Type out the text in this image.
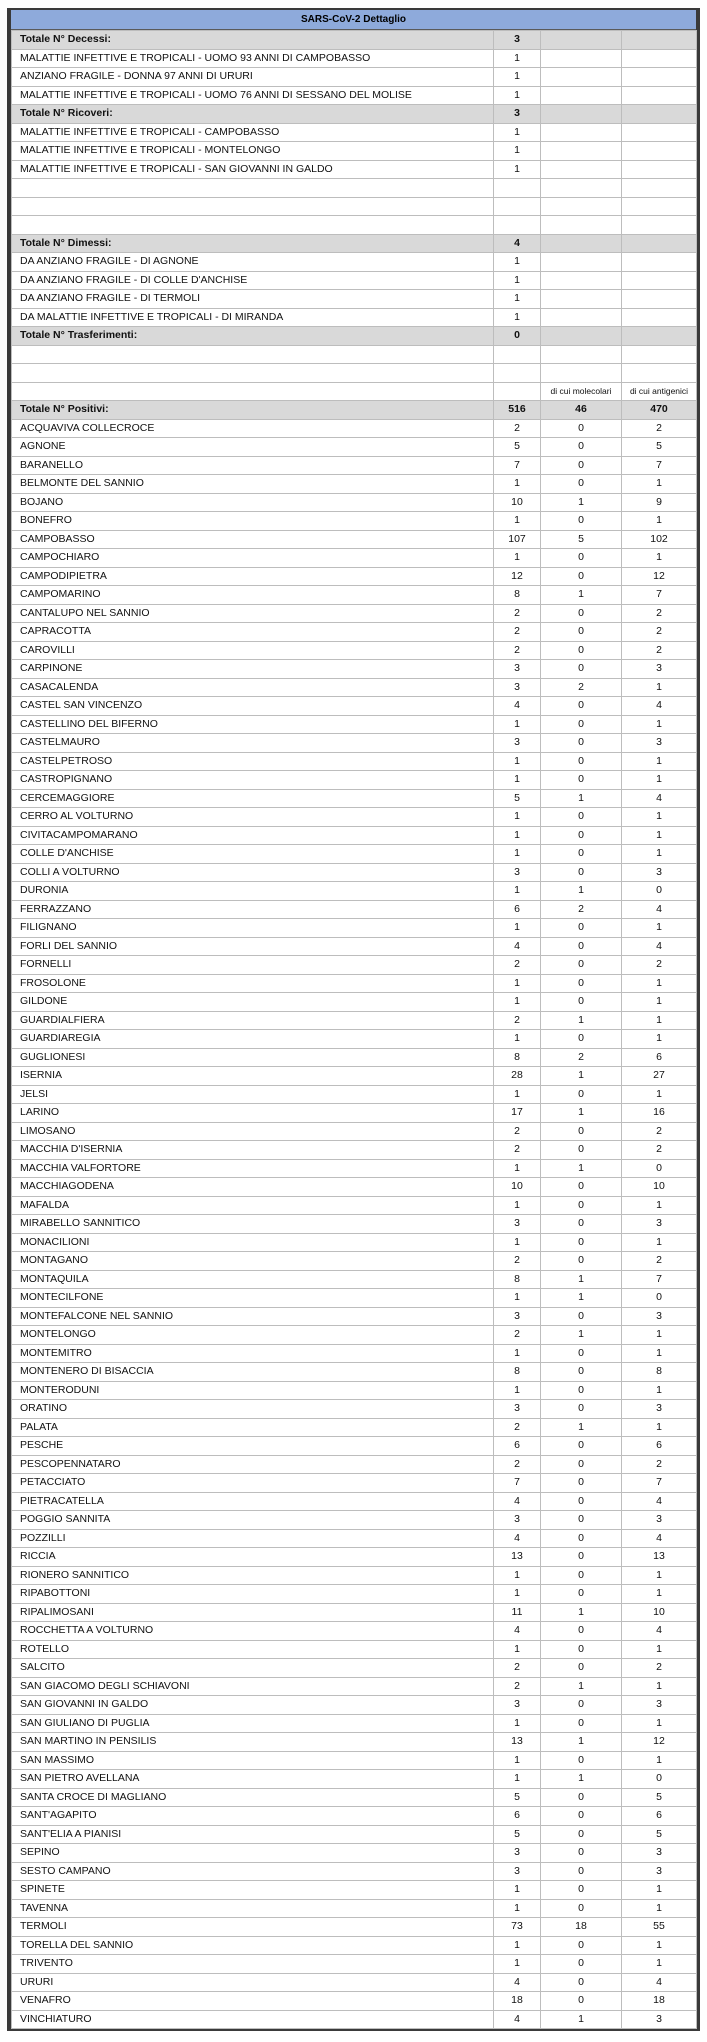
SARS-CoV-2 Dettaglio
Totale N° Decessi:	3		
MALATTIE INFETTIVE E TROPICALI - UOMO 93 ANNI DI CAMPOBASSO	1		
ANZIANO FRAGILE - DONNA 97 ANNI DI URURI	1		
MALATTIE INFETTIVE E TROPICALI - UOMO 76 ANNI DI SESSANO DEL MOLISE	1		
Totale N° Ricoveri:	3		
MALATTIE INFETTIVE E TROPICALI - CAMPOBASSO	1		
MALATTIE INFETTIVE E TROPICALI - MONTELONGO	1		
MALATTIE INFETTIVE E TROPICALI - SAN GIOVANNI IN GALDO	1		

Totale N° Dimessi:	4		
DA ANZIANO FRAGILE - DI AGNONE	1		
DA ANZIANO FRAGILE - DI COLLE D'ANCHISE	1		
DA ANZIANO FRAGILE - DI TERMOLI	1		
DA MALATTIE INFETTIVE E TROPICALI - DI MIRANDA	1		
Totale N° Trasferimenti:	0		

		di cui molecolari	di cui antigenici
Totale N° Positivi:	516	46	470
ACQUAVIVA COLLECROCE	2	0	2
AGNONE	5	0	5
BARANELLO	7	0	7
BELMONTE DEL SANNIO	1	0	1
BOJANO	10	1	9
BONEFRO	1	0	1
CAMPOBASSO	107	5	102
CAMPOCHIARO	1	0	1
CAMPODIPIETRA	12	0	12
CAMPOMARINO	8	1	7
CANTALUPO NEL SANNIO	2	0	2
CAPRACOTTA	2	0	2
CAROVILLI	2	0	2
CARPINONE	3	0	3
CASACALENDA	3	2	1
CASTEL SAN VINCENZO	4	0	4
CASTELLINO DEL BIFERNO	1	0	1
CASTELMAURO	3	0	3
CASTELPETROSO	1	0	1
CASTROPIGNANO	1	0	1
CERCEMAGGIORE	5	1	4
CERRO AL VOLTURNO	1	0	1
CIVITACAMPOMARANO	1	0	1
COLLE D'ANCHISE	1	0	1
COLLI A VOLTURNO	3	0	3
DURONIA	1	1	0
FERRAZZANO	6	2	4
FILIGNANO	1	0	1
FORLI DEL SANNIO	4	0	4
FORNELLI	2	0	2
FROSOLONE	1	0	1
GILDONE	1	0	1
GUARDIALFIERA	2	1	1
GUARDIAREGIA	1	0	1
GUGLIONESI	8	2	6
ISERNIA	28	1	27
JELSI	1	0	1
LARINO	17	1	16
LIMOSANO	2	0	2
MACCHIA D'ISERNIA	2	0	2
MACCHIA VALFORTORE	1	1	0
MACCHIAGODENA	10	0	10
MAFALDA	1	0	1
MIRABELLO SANNITICO	3	0	3
MONACILIONI	1	0	1
MONTAGANO	2	0	2
MONTAQUILA	8	1	7
MONTECILFONE	1	1	0
MONTEFALCONE NEL SANNIO	3	0	3
MONTELONGO	2	1	1
MONTEMITRO	1	0	1
MONTENERO DI BISACCIA	8	0	8
MONTERODUNI	1	0	1
ORATINO	3	0	3
PALATA	2	1	1
PESCHE	6	0	6
PESCOPENNATARO	2	0	2
PETACCIATO	7	0	7
PIETRACATELLA	4	0	4
POGGIO SANNITA	3	0	3
POZZILLI	4	0	4
RICCIA	13	0	13
RIONERO SANNITICO	1	0	1
RIPABOTTONI	1	0	1
RIPALIMOSANI	11	1	10
ROCCHETTA A VOLTURNO	4	0	4
ROTELLO	1	0	1
SALCITO	2	0	2
SAN GIACOMO DEGLI SCHIAVONI	2	1	1
SAN GIOVANNI IN GALDO	3	0	3
SAN GIULIANO DI PUGLIA	1	0	1
SAN MARTINO IN PENSILIS	13	1	12
SAN MASSIMO	1	0	1
SAN PIETRO AVELLANA	1	1	0
SANTA CROCE DI MAGLIANO	5	0	5
SANT'AGAPITO	6	0	6
SANT'ELIA A PIANISI	5	0	5
SEPINO	3	0	3
SESTO CAMPANO	3	0	3
SPINETE	1	0	1
TAVENNA	1	0	1
TERMOLI	73	18	55
TORELLA DEL SANNIO	1	0	1
TRIVENTO	1	0	1
URURI	4	0	4
VENAFRO	18	0	18
VINCHIATURO	4	1	3
